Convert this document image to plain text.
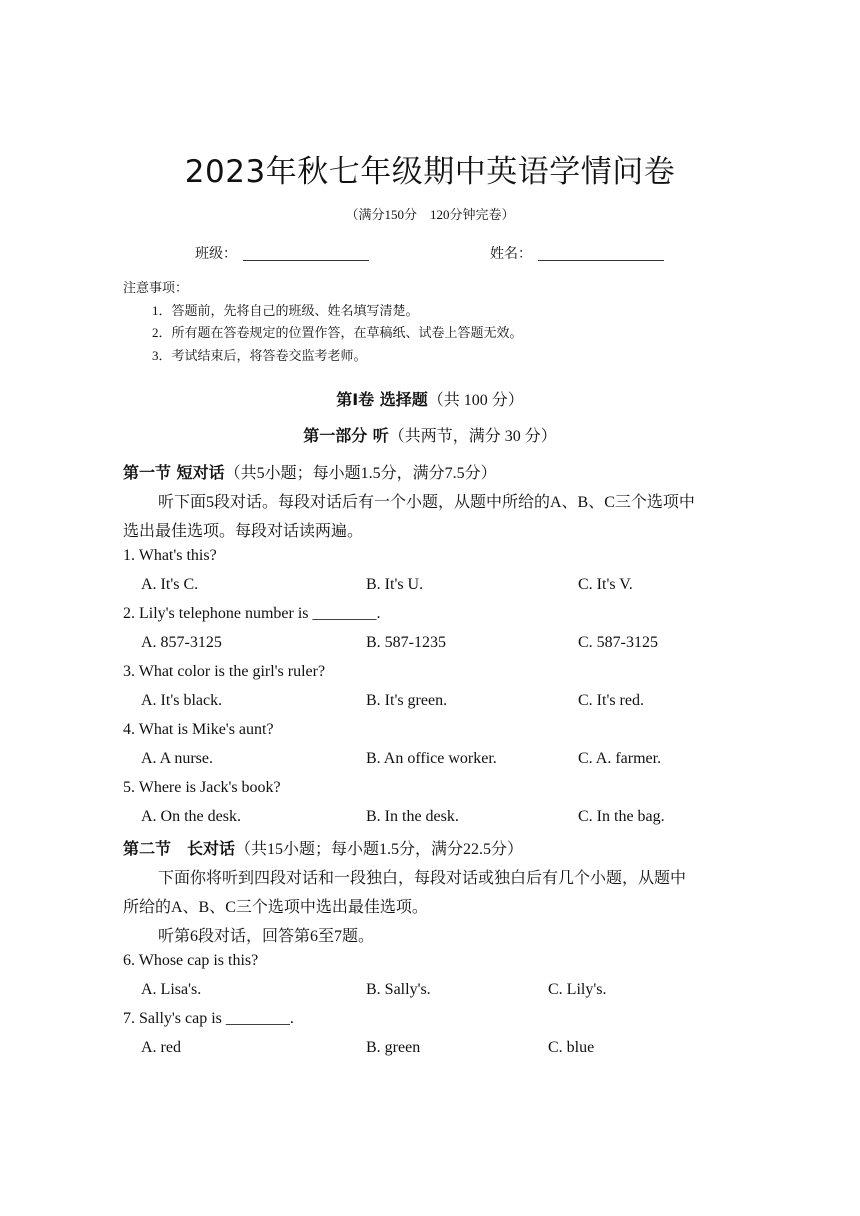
2023年秋七年级期中英语学情问卷
（满分150分　120分钟完卷）
班级：	姓名：
注意事项：
1．答题前，先将自己的班级、姓名填写清楚。
2．所有题在答卷规定的位置作答，在草稿纸、试卷上答题无效。
3．考试结束后，将答卷交监考老师。
第Ⅰ卷 选择题（共 100 分）
第一部分 听（共两节，满分 30 分）
第一节 短对话（共5小题；每小题1.5分，满分7.5分）
听下面5段对话。每段对话后有一个小题，从题中所给的A、B、C三个选项中
选出最佳选项。每段对话读两遍。
1. What's this?
A. It's C.	B. It's U.	C. It's V.
2. Lily's telephone number is ________.
A. 857-3125	B. 587-1235	C. 587-3125
3. What color is the girl's ruler?
A. It's black.	B. It's green.	C. It's red.
4. What is Mike's aunt?
A. A nurse.	B. An office worker.	C. A. farmer.
5. Where is Jack's book?
A. On the desk.	B. In the desk.	C. In the bag.
第二节　长对话（共15小题；每小题1.5分，满分22.5分）
下面你将听到四段对话和一段独白，每段对话或独白后有几个小题，从题中
所给的A、B、C三个选项中选出最佳选项。
听第6段对话，回答第6至7题。
6. Whose cap is this?
A. Lisa's.	B. Sally's.	C. Lily's.
7. Sally's cap is ________.
A. red	B. green	C. blue
